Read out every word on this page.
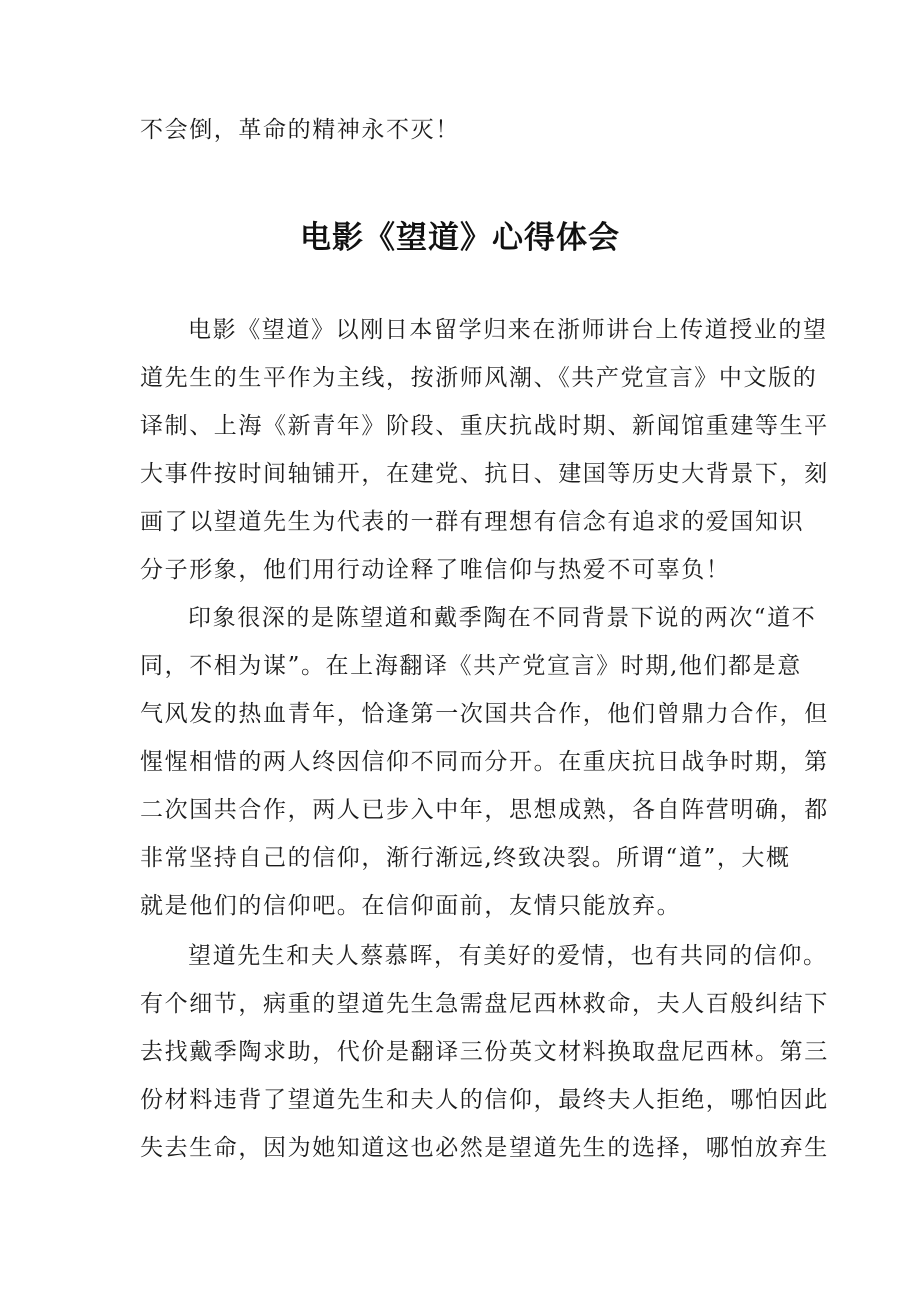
不会倒，革命的精神永不灭！
电影《望道》心得体会
电影《望道》以刚日本留学归来在浙师讲台上传道授业的望
道先生的生平作为主线，按浙师风潮、《共产党宣言》中文版的
译制、上海《新青年》阶段、重庆抗战时期、新闻馆重建等生平
大事件按时间轴铺开，在建党、抗日、建国等历史大背景下，刻
画了以望道先生为代表的一群有理想有信念有追求的爱国知识
分子形象，他们用行动诠释了唯信仰与热爱不可辜负！
印象很深的是陈望道和戴季陶在不同背景下说的两次“道不
同，不相为谋”。在上海翻译《共产党宣言》时期,他们都是意
气风发的热血青年，恰逢第一次国共合作，他们曾鼎力合作，但
惺惺相惜的两人终因信仰不同而分开。在重庆抗日战争时期，第
二次国共合作，两人已步入中年，思想成熟，各自阵营明确，都
非常坚持自己的信仰，渐行渐远,终致决裂。所谓“道”，大概
就是他们的信仰吧。在信仰面前，友情只能放弃。
望道先生和夫人蔡慕晖，有美好的爱情，也有共同的信仰。
有个细节，病重的望道先生急需盘尼西林救命，夫人百般纠结下
去找戴季陶求助，代价是翻译三份英文材料换取盘尼西林。第三
份材料违背了望道先生和夫人的信仰，最终夫人拒绝，哪怕因此
失去生命，因为她知道这也必然是望道先生的选择，哪怕放弃生
